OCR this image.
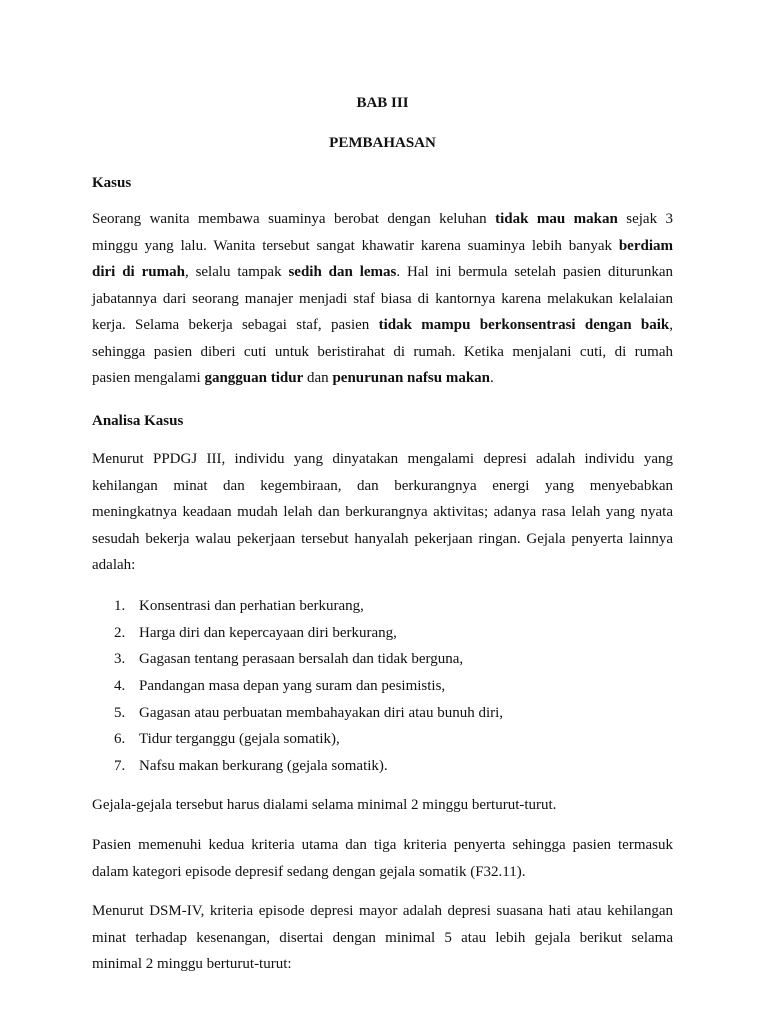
BAB III

PEMBAHASAN

Kasus

Seorang wanita membawa suaminya berobat dengan keluhan tidak mau makan sejak 3
minggu yang lalu. Wanita tersebut sangat khawatir karena suaminya lebih banyak berdiam
diri di rumah, selalu tampak sedih dan lemas. Hal ini bermula setelah pasien diturunkan
jabatannya dari seorang manajer menjadi staf biasa di kantornya karena melakukan kelalaian
kerja. Selama bekerja sebagai staf, pasien tidak mampu berkonsentrasi dengan baik,
sehingga pasien diberi cuti untuk beristirahat di rumah. Ketika menjalani cuti, di rumah
pasien mengalami gangguan tidur dan penurunan nafsu makan.

Analisa Kasus

Menurut PPDGJ III, individu yang dinyatakan mengalami depresi adalah individu yang
kehilangan minat dan kegembiraan, dan berkurangnya energi yang menyebabkan
meningkatnya keadaan mudah lelah dan berkurangnya aktivitas; adanya rasa lelah yang nyata
sesudah bekerja walau pekerjaan tersebut hanyalah pekerjaan ringan. Gejala penyerta lainnya
adalah:
1. Konsentrasi dan perhatian berkurang,
2. Harga diri dan kepercayaan diri berkurang,
3. Gagasan tentang perasaan bersalah dan tidak berguna,
4. Pandangan masa depan yang suram dan pesimistis,
5. Gagasan atau perbuatan membahayakan diri atau bunuh diri,
6. Tidur terganggu (gejala somatik),
7. Nafsu makan berkurang (gejala somatik).

Gejala-gejala tersebut harus dialami selama minimal 2 minggu berturut-turut.

Pasien memenuhi kedua kriteria utama dan tiga kriteria penyerta sehingga pasien termasuk
dalam kategori episode depresif sedang dengan gejala somatik (F32.11).
Menurut DSM-IV, kriteria episode depresi mayor adalah depresi suasana hati atau kehilangan
minat terhadap kesenangan, disertai dengan minimal 5 atau lebih gejala berikut selama
minimal 2 minggu berturut-turut:
